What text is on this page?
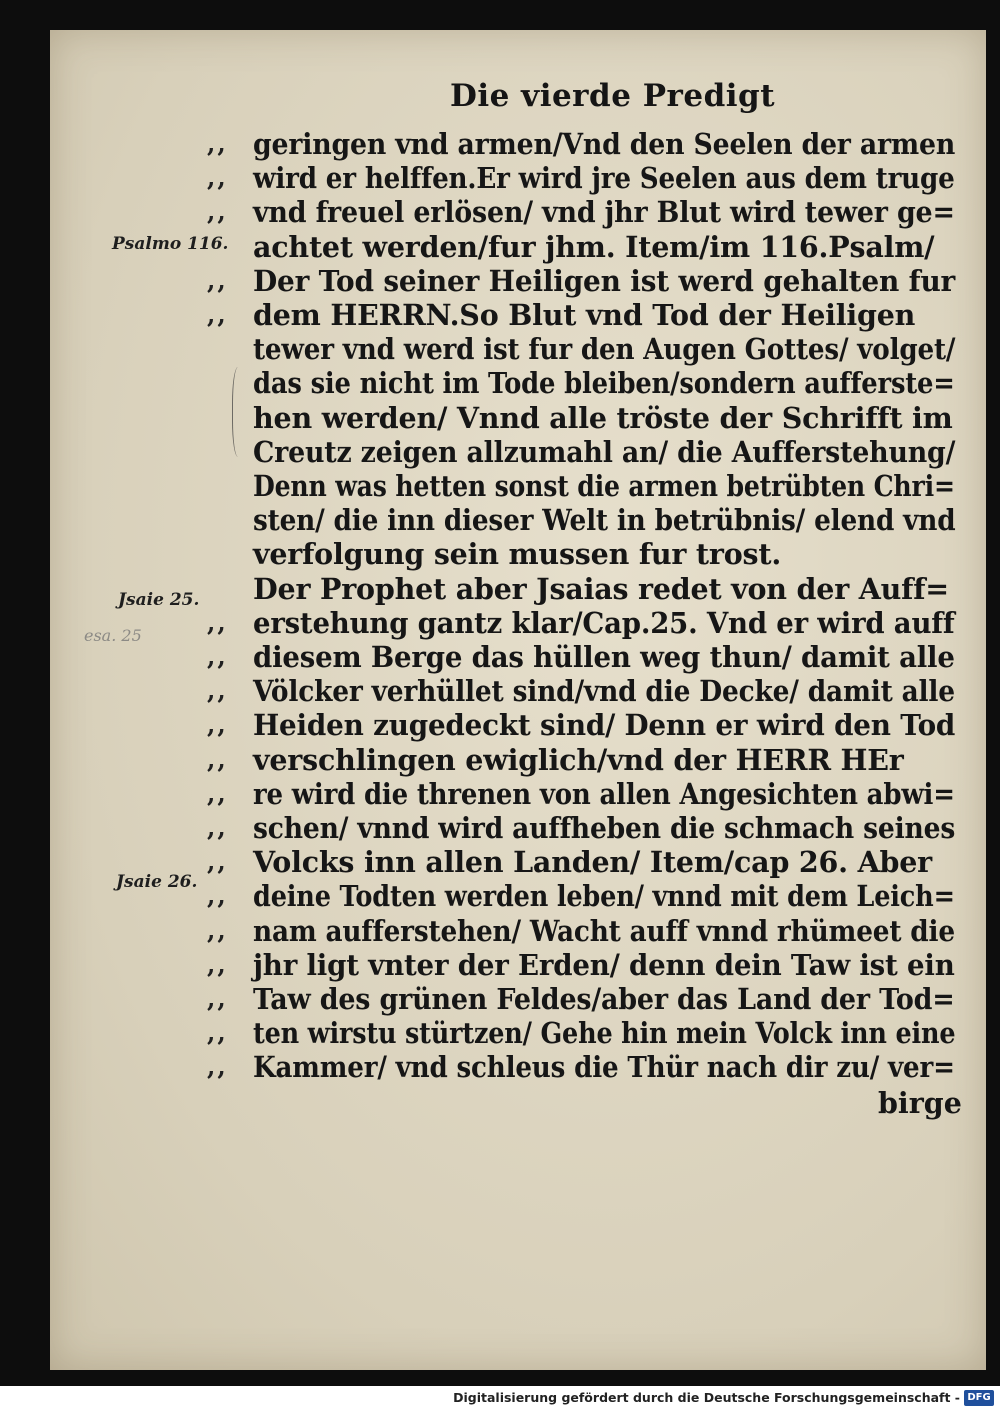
Die vierde Predigt
Psalmo 116.
Jsaie 25.
Jsaie 26.
esa. 25
,, geringen vnd armen/Vnd den Seelen der armen
,, wird er helffen.Er wird jre Seelen aus dem truge
,, vnd freuel erlösen/ vnd jhr Blut wird tewer ge=
achtet werden/fur jhm. Item/im 116.Psalm/
,, Der Tod seiner Heiligen ist werd gehalten fur
,, dem HERRN.So Blut vnd Tod der Heiligen
tewer vnd werd ist fur den Augen Gottes/ volget/
das sie nicht im Tode bleiben/sondern aufferste=
hen werden/ Vnnd alle tröste der Schrifft im
Creutz zeigen allzumahl an/ die Aufferstehung/
Denn was hetten sonst die armen betrübten Chri=
sten/ die inn dieser Welt in betrübnis/ elend vnd
verfolgung sein mussen fur trost.
Der Prophet aber Jsaias redet von der Auff=
,, erstehung gantz klar/Cap.25. Vnd er wird auff
,, diesem Berge das hüllen weg thun/ damit alle
,, Völcker verhüllet sind/vnd die Decke/ damit alle
,, Heiden zugedeckt sind/ Denn er wird den Tod
,, verschlingen ewiglich/vnd der HERR HEr
,, re wird die threnen von allen Angesichten abwi=
,, schen/ vnnd wird auffheben die schmach seines
,, Volcks inn allen Landen/ Item/cap 26. Aber
,, deine Todten werden leben/ vnnd mit dem Leich=
,, nam aufferstehen/ Wacht auff vnnd rhümeet die
,, jhr ligt vnter der Erden/ denn dein Taw ist ein
,, Taw des grünen Feldes/aber das Land der Tod=
,, ten wirstu stürtzen/ Gehe hin mein Volck inn eine
,, Kammer/ vnd schleus die Thür nach dir zu/ ver=
birge
Digitalisierung gefördert durch die Deutsche Forschungsgemeinschaft - DFG
